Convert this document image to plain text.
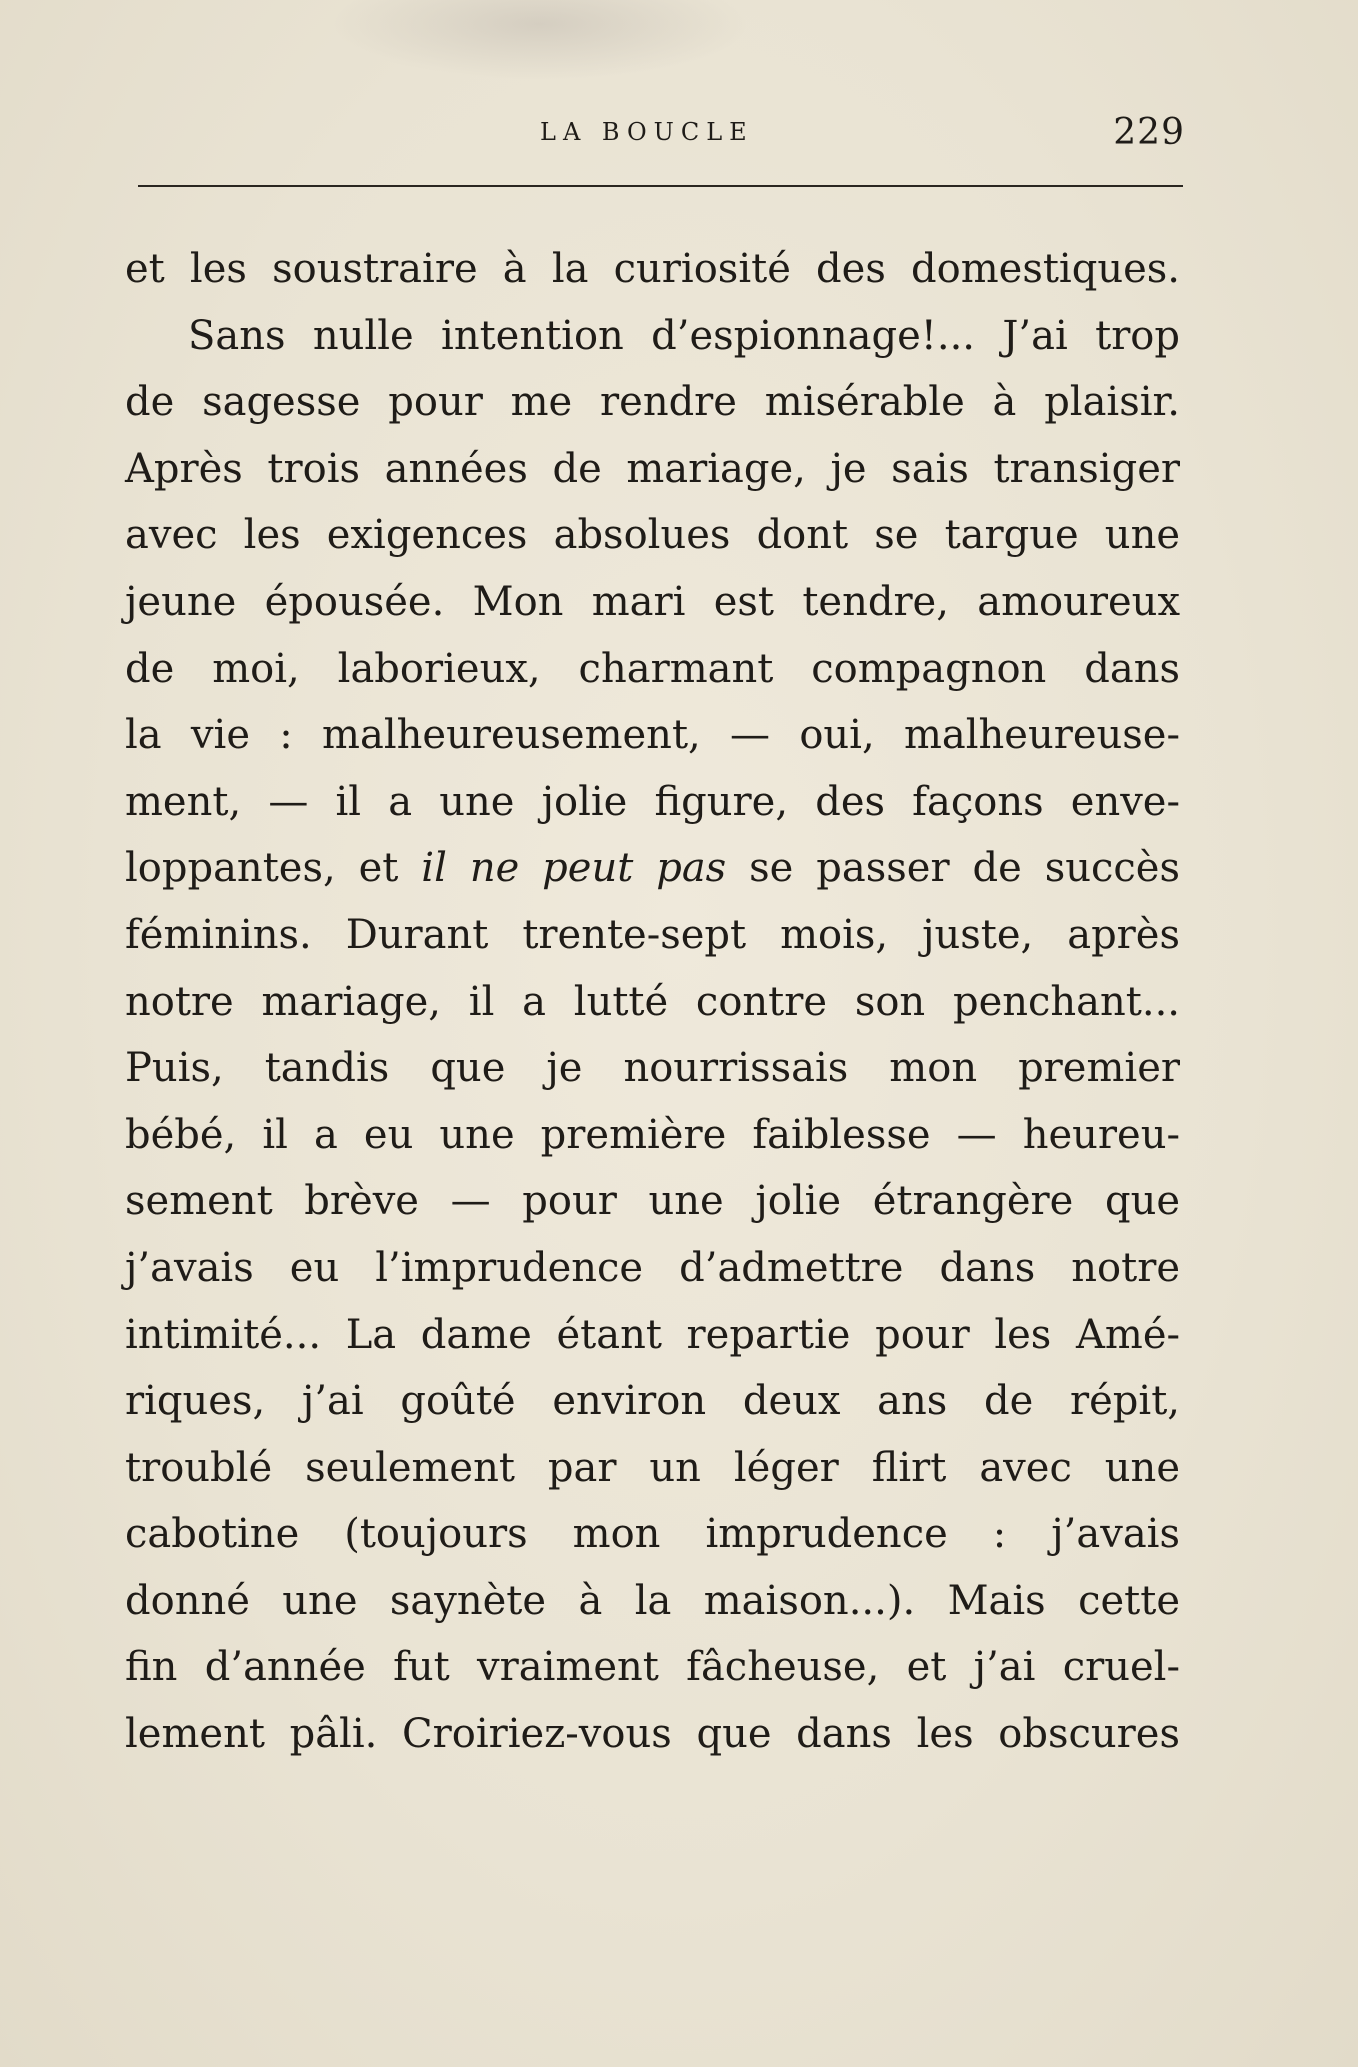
LA BOUCLE	229
et les soustraire à la curiosité des domestiques.
Sans nulle intention d’espionnage!... J’ai trop
de sagesse pour me rendre misérable à plaisir.
Après trois années de mariage, je sais transiger
avec les exigences absolues dont se targue une
jeune épousée. Mon mari est tendre, amoureux
de moi, laborieux, charmant compagnon dans
la vie : malheureusement, — oui, malheureuse-
ment, — il a une jolie figure, des façons enve-
loppantes, et il ne peut pas se passer de succès
féminins. Durant trente-sept mois, juste, après
notre mariage, il a lutté contre son penchant...
Puis, tandis que je nourrissais mon premier
bébé, il a eu une première faiblesse — heureu-
sement brève — pour une jolie étrangère que
j’avais eu l’imprudence d’admettre dans notre
intimité... La dame étant repartie pour les Amé-
riques, j’ai goûté environ deux ans de répit,
troublé seulement par un léger flirt avec une
cabotine (toujours mon imprudence : j’avais
donné une saynète à la maison...). Mais cette
fin d’année fut vraiment fâcheuse, et j’ai cruel-
lement pâli. Croiriez-vous que dans les obscures
